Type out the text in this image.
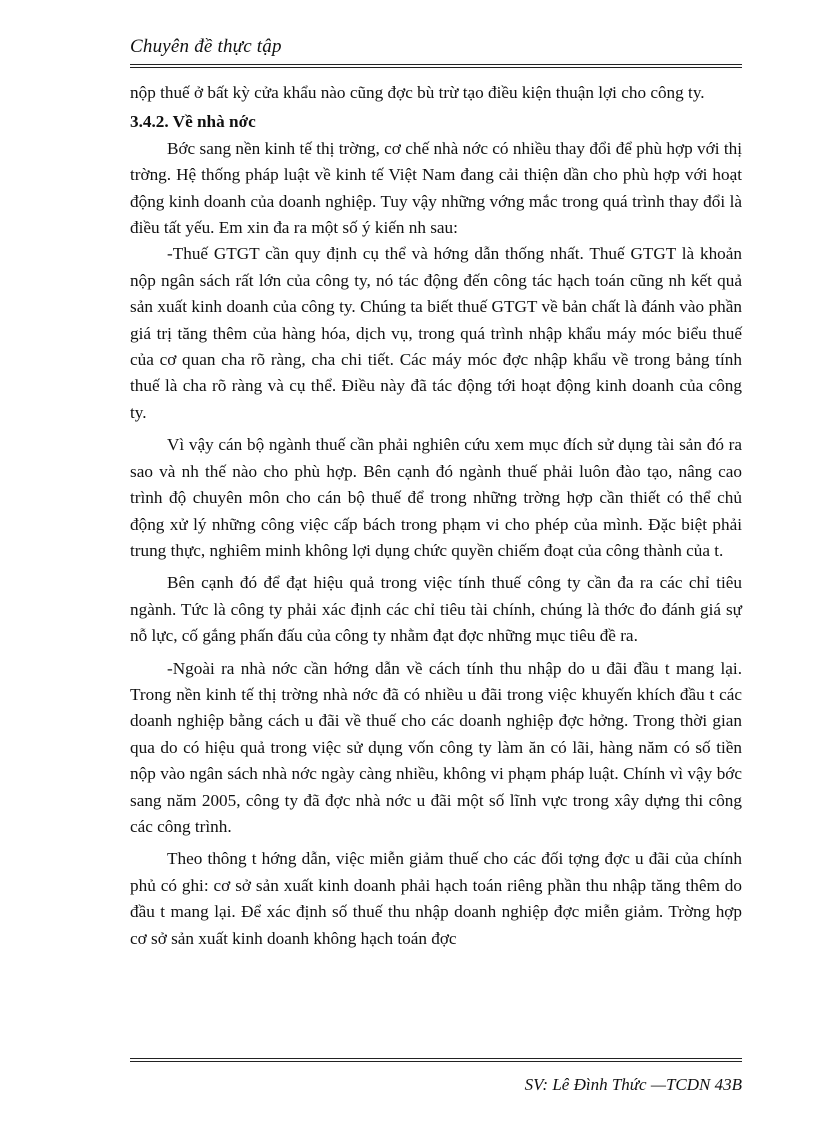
Chuyên đề thực tập

nộp thuế ở bất kỳ cửa khẩu nào cũng đợc bù trừ tạo điều kiện thuận lợi cho công ty.

3.4.2. Về nhà nớc

Bớc sang nền kinh tế thị trờng, cơ chế nhà nớc có nhiều thay đổi để phù hợp với thị trờng. Hệ thống pháp luật về kinh tế Việt Nam đang cải thiện dần cho phù hợp với hoạt động kinh doanh của doanh nghiệp. Tuy vậy những vớng mắc trong quá trình thay đổi là điều tất yếu. Em xin đa ra một số ý kiến nh sau:

-Thuế GTGT cần quy định cụ thể và hớng dẫn thống nhất. Thuế GTGT là khoản nộp ngân sách rất lớn của công ty, nó tác động đến công tác hạch toán cũng nh kết quả sản xuất kinh doanh của công ty. Chúng ta biết thuế GTGT về bản chất là đánh vào phần giá trị tăng thêm của hàng hóa, dịch vụ, trong quá trình nhập khẩu máy móc biểu thuế của cơ quan cha rõ ràng, cha chi tiết. Các máy móc đợc nhập khẩu về trong bảng tính thuế là cha rõ ràng và cụ thể. Điều này đã tác động tới hoạt động kinh doanh của công ty.

Vì vậy cán bộ ngành thuế cần phải nghiên cứu xem mục đích sử dụng tài sản đó ra sao và nh thế nào cho phù hợp. Bên cạnh đó ngành thuế phải luôn đào tạo, nâng cao trình độ chuyên môn cho cán bộ thuế để trong những trờng hợp cần thiết có thể chủ động xử lý những công việc cấp bách trong phạm vi cho phép của mình. Đặc biệt phải trung thực, nghiêm minh không lợi dụng chức quyền chiếm đoạt của công thành của t.

Bên cạnh đó để đạt hiệu quả trong việc tính thuế công ty cần đa ra các chỉ tiêu ngành. Tức là công ty phải xác định các chỉ tiêu tài chính, chúng là thớc đo đánh giá sự nỗ lực, cố gắng phấn đấu của công ty nhằm đạt đợc những mục tiêu đề ra.

-Ngoài ra nhà nớc cần hớng dẫn về cách tính thu nhập do u đãi đầu t mang lại. Trong nền kinh tế thị trờng nhà nớc đã có nhiều u đãi trong việc khuyến khích đầu t các doanh nghiệp bằng cách u đãi về thuế cho các doanh nghiệp đợc hởng. Trong thời gian qua do có hiệu quả trong việc sử dụng vốn công ty làm ăn có lãi, hàng năm có số tiền nộp vào ngân sách nhà nớc ngày càng nhiều, không vi phạm pháp luật. Chính vì vậy bớc sang năm 2005, công ty đã đợc nhà nớc u đãi một số lĩnh vực trong xây dựng thi công các công trình.

Theo thông t hớng dẫn, việc miễn giảm thuế cho các đối tợng đợc u đãi của chính phủ có ghi: cơ sở sản xuất kinh doanh phải hạch toán riêng phần thu nhập tăng thêm do đầu t mang lại. Để xác định số thuế thu nhập doanh nghiệp đợc miễn giảm. Trờng hợp cơ sở sản xuất kinh doanh không hạch toán đợc

SV: Lê Đình Thức —TCDN 43B
